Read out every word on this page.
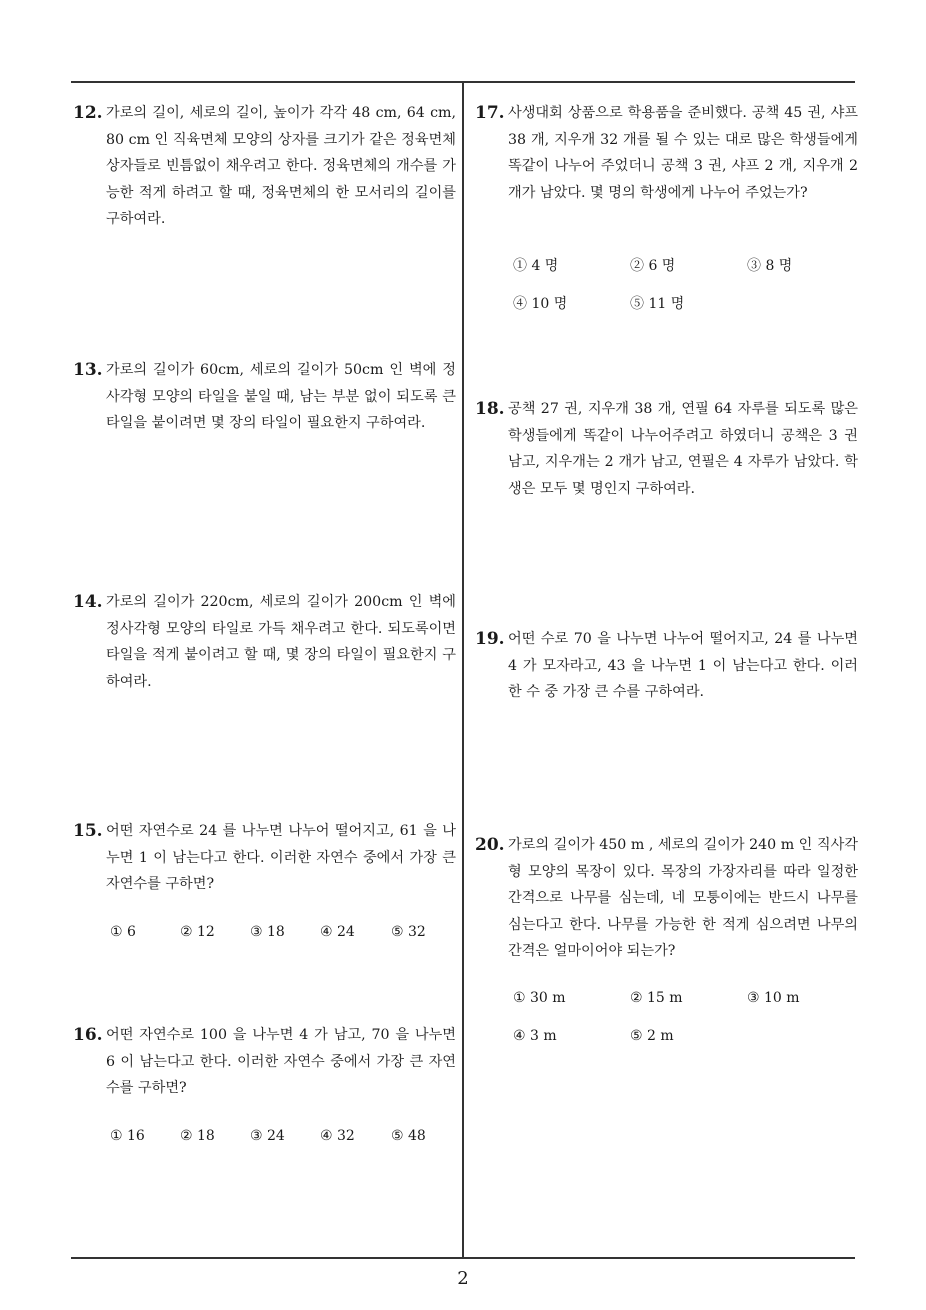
12. 가로의 길이, 세로의 길이, 높이가 각각 48 cm, 64 cm, 80 cm 인 직육면체 모양의 상자를 크기가 같은 정육면체 상자들로 빈틈없이 채우려고 한다. 정육면체의 개수를 가능한 적게 하려고 할 때, 정육면체의 한 모서리의 길이를 구하여라.
13. 가로의 길이가 60cm, 세로의 길이가 50cm 인 벽에 정사각형 모양의 타일을 붙일 때, 남는 부분 없이 되도록 큰 타일을 붙이려면 몇 장의 타일이 필요한지 구하여라.
14. 가로의 길이가 220cm, 세로의 길이가 200cm 인 벽에 정사각형 모양의 타일로 가득 채우려고 한다. 되도록이면 타일을 적게 붙이려고 할 때, 몇 장의 타일이 필요한지 구하여라.
15. 어떤 자연수로 24 를 나누면 나누어 떨어지고, 61 을 나누면 1 이 남는다고 한다. 이러한 자연수 중에서 가장 큰 자연수를 구하면?
① 6	② 12	③ 18	④ 24	⑤ 32
16. 어떤 자연수로 100 을 나누면 4 가 남고, 70 을 나누면 6 이 남는다고 한다. 이러한 자연수 중에서 가장 큰 자연수를 구하면?
① 16	② 18	③ 24	④ 32	⑤ 48
17. 사생대회 상품으로 학용품을 준비했다. 공책 45 권, 샤프 38 개, 지우개 32 개를 될 수 있는 대로 많은 학생들에게 똑같이 나누어 주었더니 공책 3 권, 샤프 2 개, 지우개 2 개가 남았다. 몇 명의 학생에게 나누어 주었는가?
① 4 명	② 6 명	③ 8 명
④ 10 명	⑤ 11 명
18. 공책 27 권, 지우개 38 개, 연필 64 자루를 되도록 많은 학생들에게 똑같이 나누어주려고 하였더니 공책은 3 권 남고, 지우개는 2 개가 남고, 연필은 4 자루가 남았다. 학생은 모두 몇 명인지 구하여라.
19. 어떤 수로 70 을 나누면 나누어 떨어지고, 24 를 나누면 4 가 모자라고, 43 을 나누면 1 이 남는다고 한다. 이러한 수 중 가장 큰 수를 구하여라.
20. 가로의 길이가 450 m , 세로의 길이가 240 m 인 직사각형 모양의 목장이 있다. 목장의 가장자리를 따라 일정한 간격으로 나무를 심는데, 네 모퉁이에는 반드시 나무를 심는다고 한다. 나무를 가능한 한 적게 심으려면 나무의 간격은 얼마이어야 되는가?
① 30 m	② 15 m	③ 10 m
④ 3 m	⑤ 2 m
2
